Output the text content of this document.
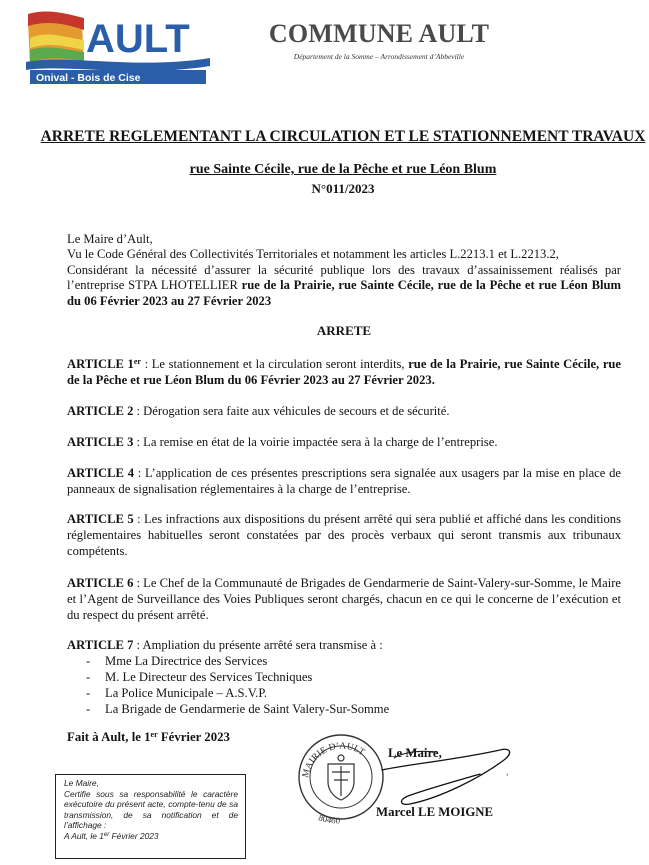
AULT
Onival - Bois de Cise
COMMUNE AULT
Département de la Somme – Arrondissement d’Abbeville
ARRETE REGLEMENTANT LA CIRCULATION ET LE STATIONNEMENT TRAVAUX
rue Sainte Cécile, rue de la Pêche et rue Léon Blum
N°011/2023
Le Maire d’Ault,
Vu le Code Général des Collectivités Territoriales et notamment les articles L.2213.1 et L.2213.2,
Considérant la nécessité d’assurer la sécurité publique lors des travaux d’assainissement réalisés par l’entreprise STPA LHOTELLIER rue de la Prairie, rue Sainte Cécile, rue de la Pêche et rue Léon Blum du 06 Février 2023 au 27 Février 2023
ARRETE
ARTICLE 1er : Le stationnement et la circulation seront interdits, rue de la Prairie, rue Sainte Cécile, rue de la Pêche et rue Léon Blum du 06 Février 2023 au 27 Février 2023.
ARTICLE 2 : Dérogation sera faite aux véhicules de secours et de sécurité.
ARTICLE 3 : La remise en état de la voirie impactée sera à la charge de l’entreprise.
ARTICLE 4 : L’application de ces présentes prescriptions sera signalée aux usagers par la mise en place de panneaux de signalisation réglementaires à la charge de l’entreprise.
ARTICLE 5 : Les infractions aux dispositions du présent arrêté qui sera publié et affiché dans les conditions réglementaires habituelles seront constatées par des procès verbaux qui seront transmis aux tribunaux compétents.
ARTICLE 6 : Le Chef de la Communauté de Brigades de Gendarmerie de Saint-Valery-sur-Somme, le Maire et l’Agent de Surveillance des Voies Publiques seront chargés, chacun en ce qui le concerne de l’exécution et du respect du présent arrêté.
ARTICLE 7 : Ampliation du présente arrêté sera transmise à :
- Mme La Directrice des Services
- M. Le Directeur des Services Techniques
- La Police Municipale – A.S.V.P.
- La Brigade de Gendarmerie de Saint Valery-Sur-Somme
Fait à Ault, le 1er Février 2023
MAIRIE D’AULT
80460
Le Maire,
Marcel LE MOIGNE
ʻ
Le Maire,
Certifie sous sa responsabilité le caractère exécutoire du présent acte, compte-tenu de sa transmission, de sa notification et de l’affichage :
A Ault, le 1er Février 2023
